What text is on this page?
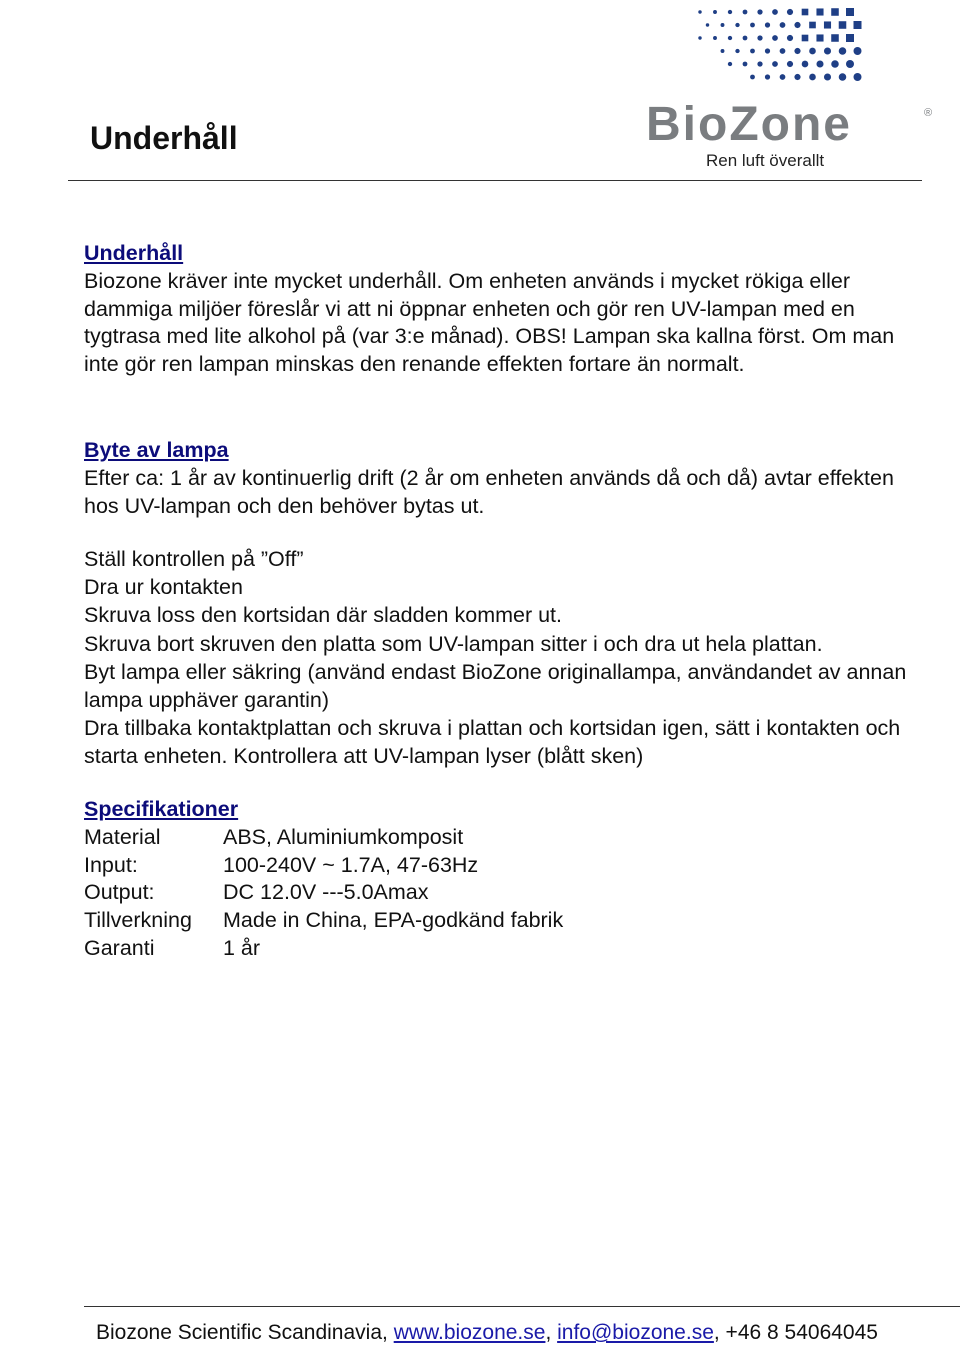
Underhåll	BioZone	®
Ren luft överallt
Underhåll

Biozone kräver inte mycket underhåll. Om enheten används i mycket rökiga eller dammiga miljöer föreslår vi att ni öppnar enheten och gör ren UV-lampan med en tygtrasa med lite alkohol på (var 3:e månad). OBS! Lampan ska kallna först. Om man inte gör ren lampan minskas den renande effekten fortare än normalt.

Byte av lampa

Efter ca: 1 år av kontinuerlig drift (2 år om enheten används då och då) avtar effekten hos UV-lampan och den behöver bytas ut.

Ställ kontrollen på ”Off”

Dra ur kontakten

Skruva loss den kortsidan där sladden kommer ut.

Skruva bort skruven den platta som UV-lampan sitter i och dra ut hela plattan.

Byt lampa eller säkring (använd endast BioZone originallampa, användandet av annan lampa upphäver garantin)

Dra tillbaka kontaktplattan och skruva i plattan och kortsidan igen, sätt i kontakten och starta enheten. Kontrollera att UV-lampan lyser (blått sken)

Specifikationer
Material	ABS, Aluminiumkomposit
Input:	100-240V ~ 1.7A, 47-63Hz
Output:	DC 12.0V ---5.0Amax
Tillverkning	Made in China, EPA-godkänd fabrik
Garanti	1 år
Biozone Scientific Scandinavia, www.biozone.se, info@biozone.se, +46 8 54064045
